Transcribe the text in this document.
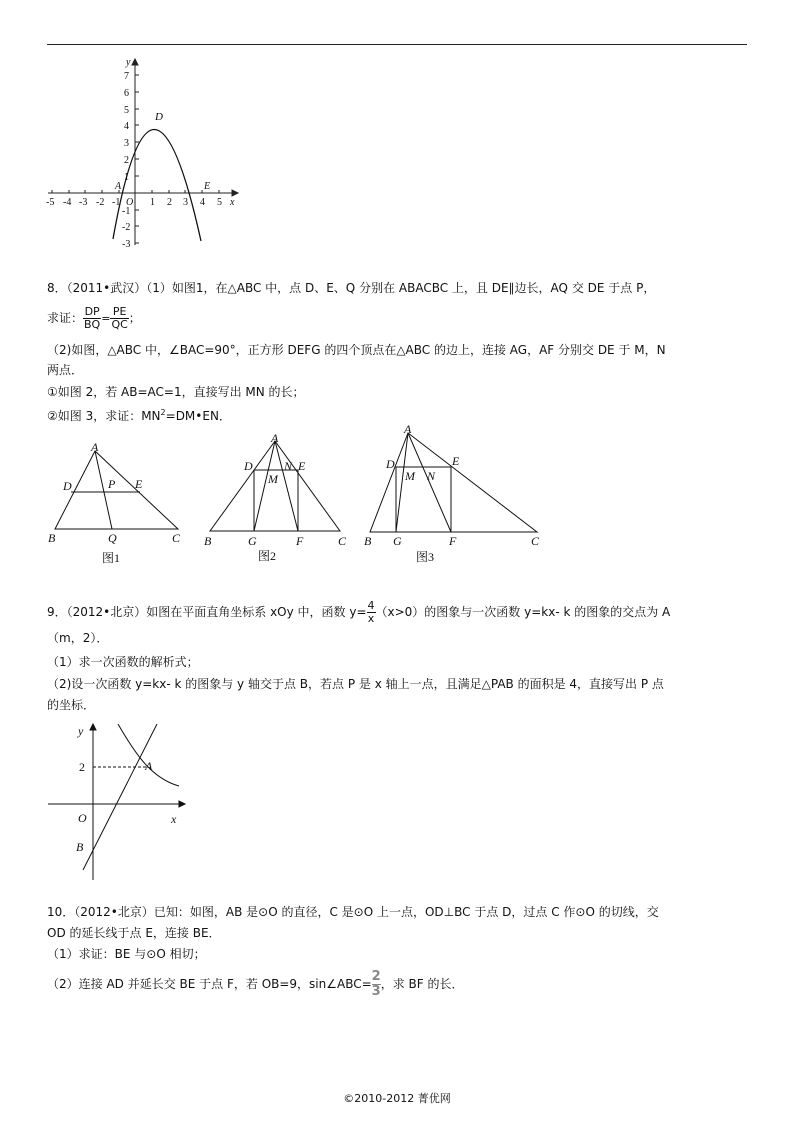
-5 -4 -3 -2 -1 O 1 2 3 4 5
7
6
5
4
3
2
1
-1
-2
-3
x
y
A
D
E
8．（2011•武汉）（1）如图1，在△ABC 中，点 D、E、Q 分别在 ABACBC 上，且 DE∥边长，AQ 交 DE 于点 P，
求证： $\frac{DP}{BQ} = \frac{PE}{QC}$ ；
（2)如图，△ABC 中，∠BAC=90°，正方形 DEFG 的四个顶点在△ABC 的边上，连接 AG，AF 分别交 DE 于 M，N
两点．
①如图 2，若 AB=AC=1，直接写出 MN 的长；
②如图 3，求证：$MN^2=DM•EN$．
A
D	P E
B	Q	C
图1
A
D	N E
M
B	G	F	C
图2
A
D	E
M N
B G	F	C
图3
9．（2012•北京）如图在平面直角坐标系 xOy 中，函数 $y= \frac{4}{x} (x>0)$的图象与一次函数 y=kx- k 的图象的交点为 A
（m，2）．
（1）求一次函数的解析式；
（2)设一次函数 y=kx- k 的图象与 y 轴交于点 B，若点 P 是 x 轴上一点，且满足△PAB 的面积是 4，直接写出 P 点
的坐标．
y
x
2	A
O
B
10．（2012•北京）已知：如图，AB 是⊙O 的直径，C 是⊙O 上一点，OD⊥BC 于点 D，过点 C 作⊙O 的切线，交
OD 的延长线于点 E，连接 BE．
（1）求证：BE 与⊙O 相切；
（2）连接 AD 并延长交 BE 于点 F，若 OB=9，sin∠ABC= $\frac{2}{3}$，求 BF 的长．
©2010-2012 菁优网
